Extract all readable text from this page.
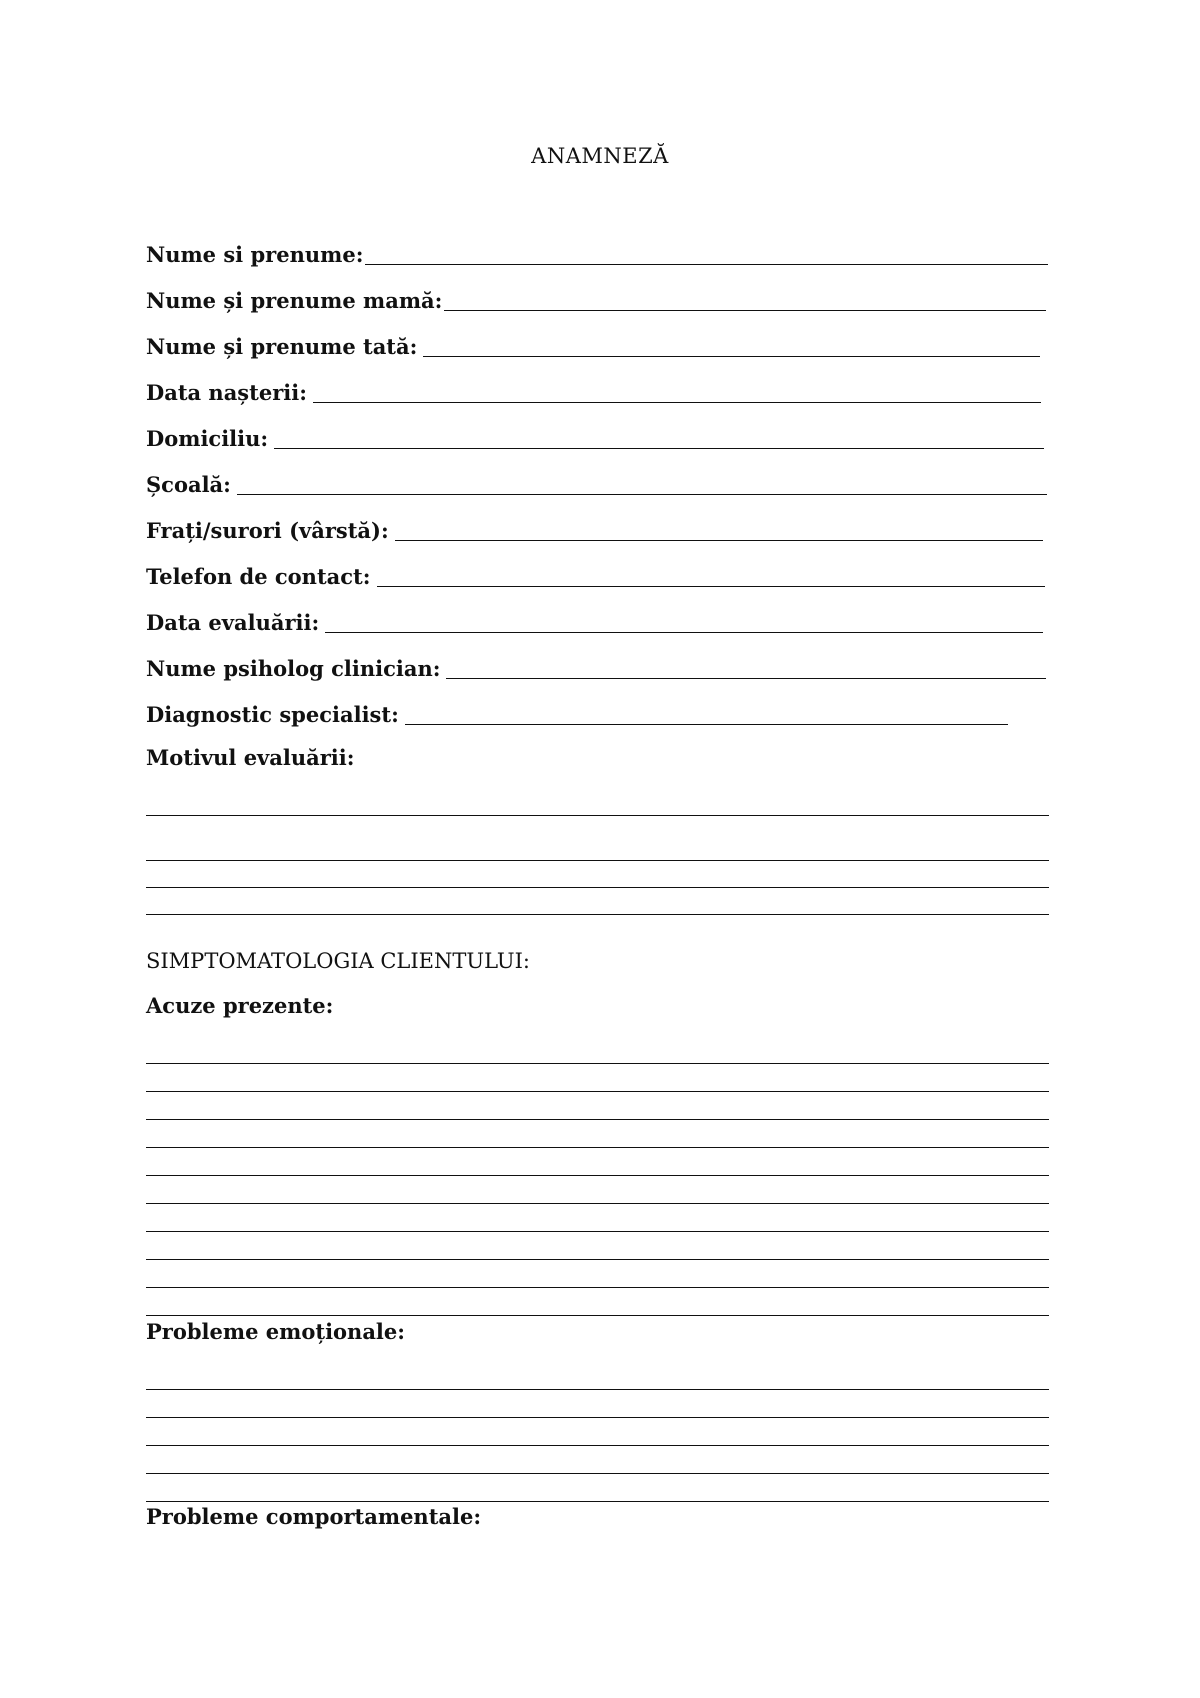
ANAMNEZĂ
Nume si prenume:
Nume și prenume mamă:
Nume și prenume tată:
Data nașterii:
Domiciliu:
Școală:
Frați/surori (vârstă):
Telefon de contact:
Data evaluării:
Nume psiholog clinician:
Diagnostic specialist:
Motivul evaluării:
SIMPTOMATOLOGIA CLIENTULUI:
Acuze prezente:
Probleme emoționale:
Probleme comportamentale:
